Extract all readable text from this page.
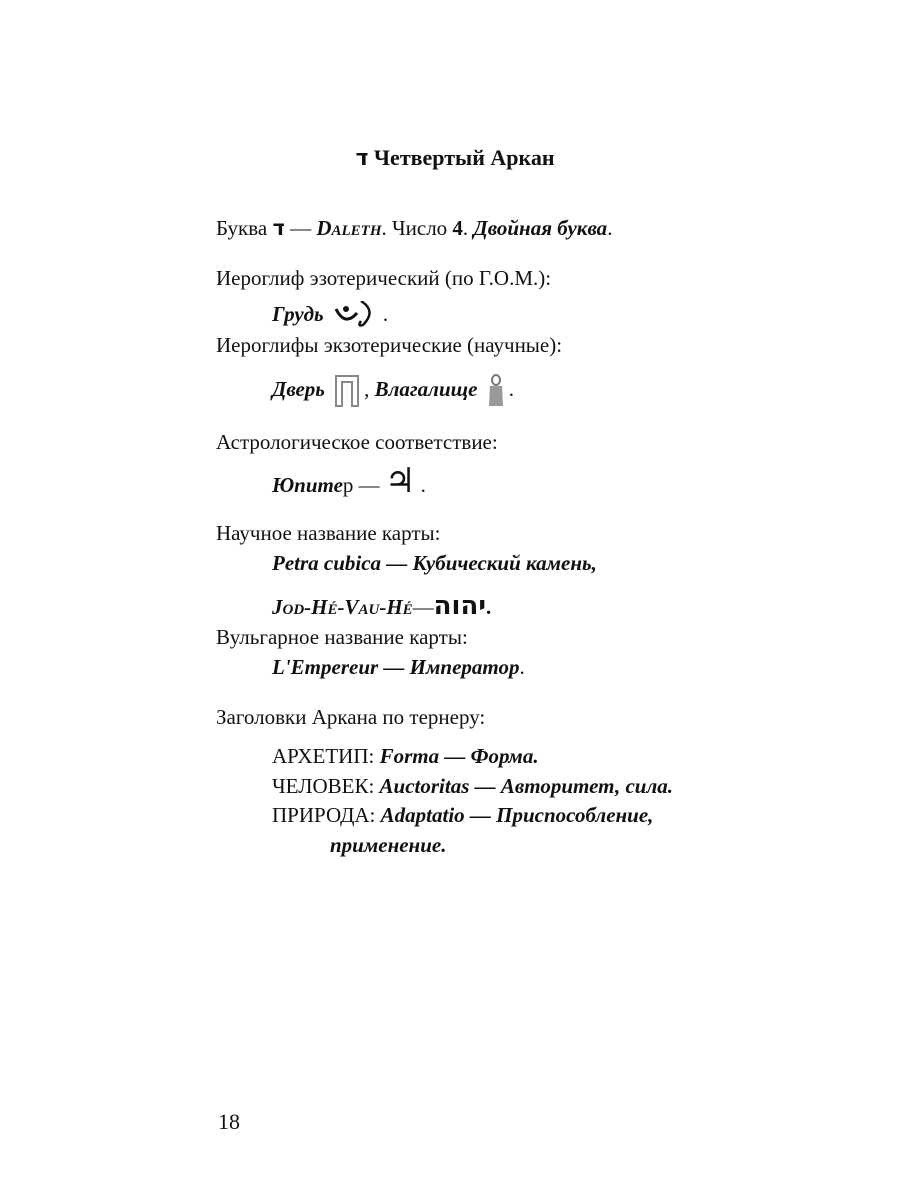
ד Четвертый Аркан
Буква ד — Daleth. Число 4. Двойная буква.
Иероглиф эзотерический (по Г.О.М.):
Грудь	.
Иероглифы экзотерические (научные):
Дверь , Влагалище .
Астрологическое соответствие:
Юпитер — ♃ .
Научное название карты:
Petra cubica — Кубический камень,
Jod-Hé-Vau-Hé—יהוה.
Вульгарное название карты:
L'Empereur — Император.
Заголовки Аркана по тернеру:
АРХЕТИП: Forma — Форма.
ЧЕЛОВЕК: Auctoritas — Авторитет, сила.
ПРИРОДА: Adaptatio — Приспособление,
применение.
18
